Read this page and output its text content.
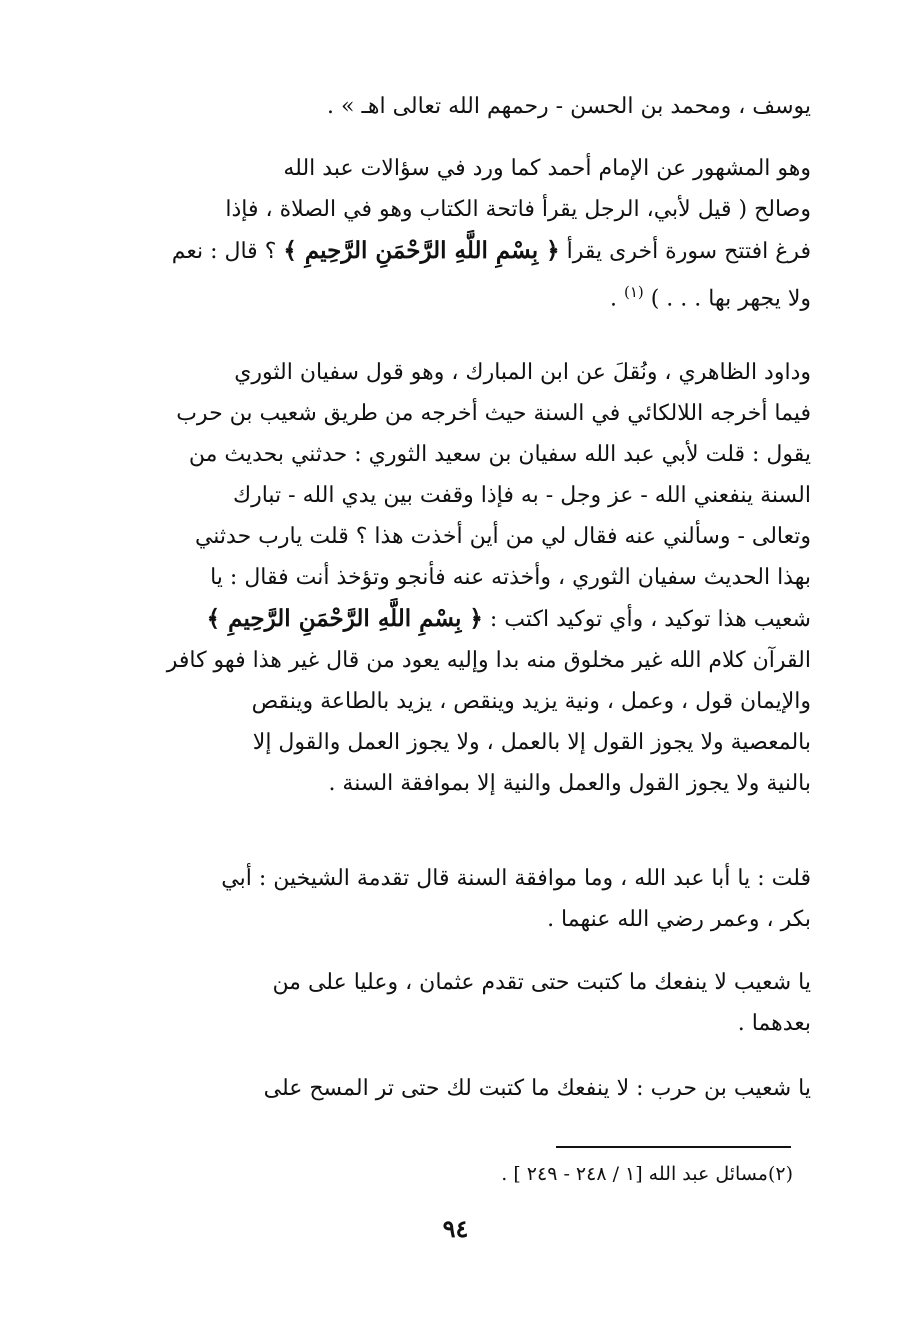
يوسف ، ومحمد بن الحسن - رحمهم الله تعالى اهـ » .

وهو المشهور عن الإمام أحمد كما ورد في سؤالات عبد الله
وصالح ( قيل لأبي، الرجل يقرأ فاتحة الكتاب وهو في الصلاة ، فإذا
فرغ افتتح سورة أخرى يقرأ ﴿ بِسْمِ اللَّهِ الرَّحْمَنِ الرَّحِيمِ ﴾ ؟ قال : نعم
ولا يجهر بها . . . ) $^{(١)}$ .

وداود الظاهري ، ونُقلَ عن ابن المبارك ، وهو قول سفيان الثوري
فيما أخرجه اللالكائي في السنة حيث أخرجه من طريق شعيب بن حرب
يقول : قلت لأبي عبد الله سفيان بن سعيد الثوري : حدثني بحديث من
السنة ينفعني الله - عز وجل - به فإذا وقفت بين يدي الله - تبارك
وتعالى - وسألني عنه فقال لي من أين أخذت هذا ؟ قلت يارب حدثني
بهذا الحديث سفيان الثوري ، وأخذته عنه فأنجو وتؤخذ أنت فقال : يا
شعيب هذا توكيد ، وأي توكيد اكتب : ﴿ بِسْمِ اللَّهِ الرَّحْمَنِ الرَّحِيمِ ﴾
القرآن كلام الله غير مخلوق منه بدا وإليه يعود من قال غير هذا فهو كافر
والإيمان قول ، وعمل ، ونية يزيد وينقص ، يزيد بالطاعة وينقص
بالمعصية ولا يجوز القول إلا بالعمل ، ولا يجوز العمل والقول إلا
بالنية ولا يجوز القول والعمل والنية إلا بموافقة السنة .

قلت : يا أبا عبد الله ، وما موافقة السنة قال تقدمة الشيخين : أبي
بكر ، وعمر رضي الله عنهما .

يا شعيب لا ينفعك ما كتبت حتى تقدم عثمان ، وعليا على من
بعدهما .

يا شعيب بن حرب : لا ينفعك ما كتبت لك حتى تر المسح على

(٢)مسائل عبد الله [١ / ٢٤٨ - ٢٤٩ ] .
٩٤
